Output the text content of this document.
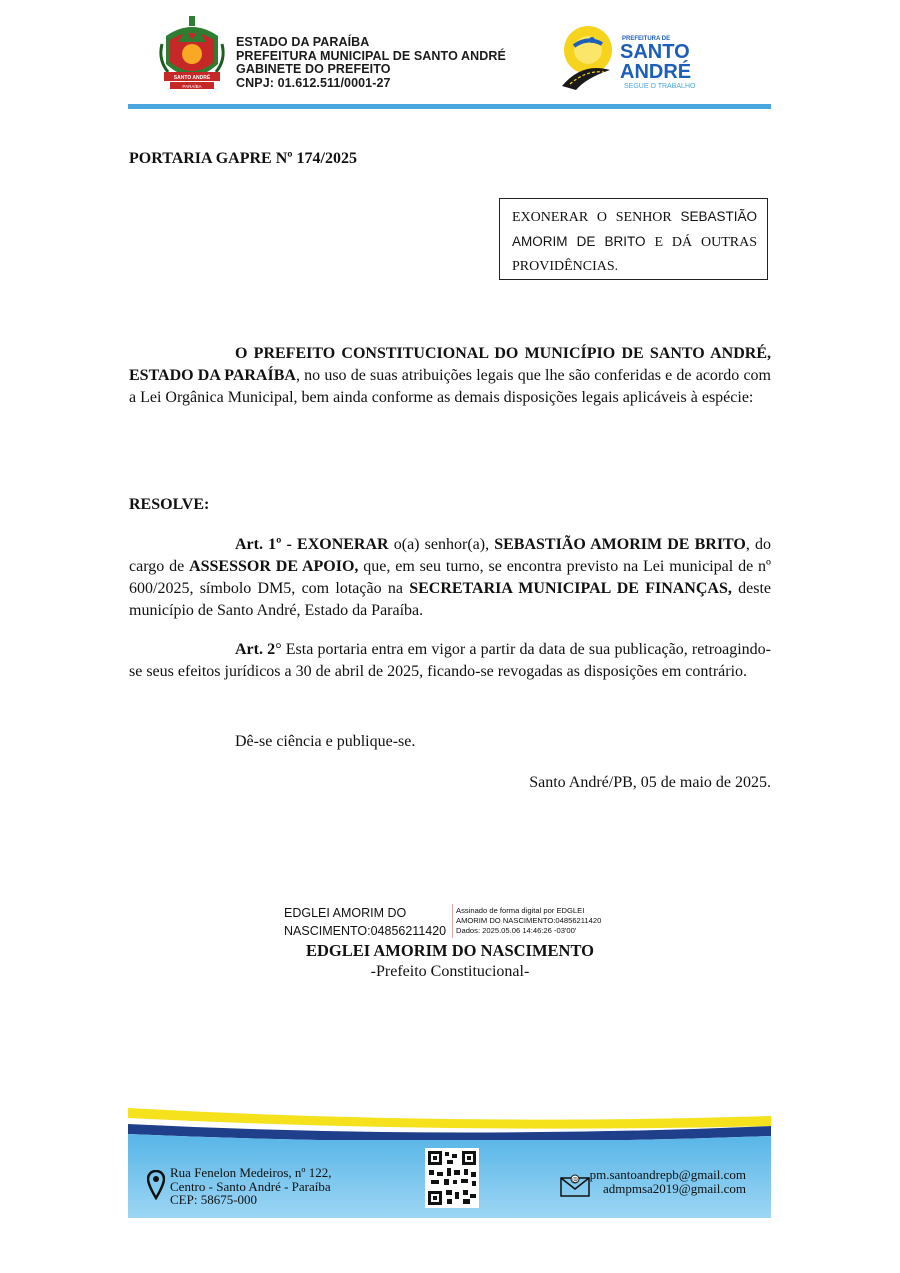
SANTO ANDRÉ
PARAÍBA
ESTADO DA PARAÍBA
PREFEITURA MUNICIPAL DE SANTO ANDRÉ
GABINETE DO PREFEITO
CNPJ: 01.612.511/0001-27
PREFEITURA DE
SANTO
ANDRÉ
SEGUE O TRABALHO
PORTARIA GAPRE Nº 174/2025
EXONERAR O SENHOR SEBASTIÃO AMORIM DE BRITO E DÁ OUTRAS PROVIDÊNCIAS.
O PREFEITO CONSTITUCIONAL DO MUNICÍPIO DE SANTO ANDRÉ, ESTADO DA PARAÍBA, no uso de suas atribuições legais que lhe são conferidas e de acordo com a Lei Orgânica Municipal, bem ainda conforme as demais disposições legais aplicáveis à espécie:
RESOLVE:
Art. 1º - EXONERAR o(a) senhor(a), SEBASTIÃO AMORIM DE BRITO, do cargo de ASSESSOR DE APOIO, que, em seu turno, se encontra previsto na Lei municipal de nº 600/2025, símbolo DM5, com lotação na SECRETARIA MUNICIPAL DE FINANÇAS, deste município de Santo André, Estado da Paraíba.
Art. 2° Esta portaria entra em vigor a partir da data de sua publicação, retroagindo-se seus efeitos jurídicos a 30 de abril de 2025, ficando-se revogadas as disposições em contrário.
Dê-se ciência e publique-se.
Santo André/PB, 05 de maio de 2025.
EDGLEI AMORIM DO
NASCIMENTO:04856211420
Assinado de forma digital por EDGLEI
AMORIM DO NASCIMENTO:04856211420
Dados: 2025.05.06 14:46:26 -03'00'
EDGLEI AMORIM DO NASCIMENTO
-Prefeito Constitucional-
Rua Fenelon Medeiros, nº 122,
Centro - Santo André - Paraíba
CEP: 58675-000
@ pm.santoandrepb@gmail.com
admpmsa2019@gmail.com
